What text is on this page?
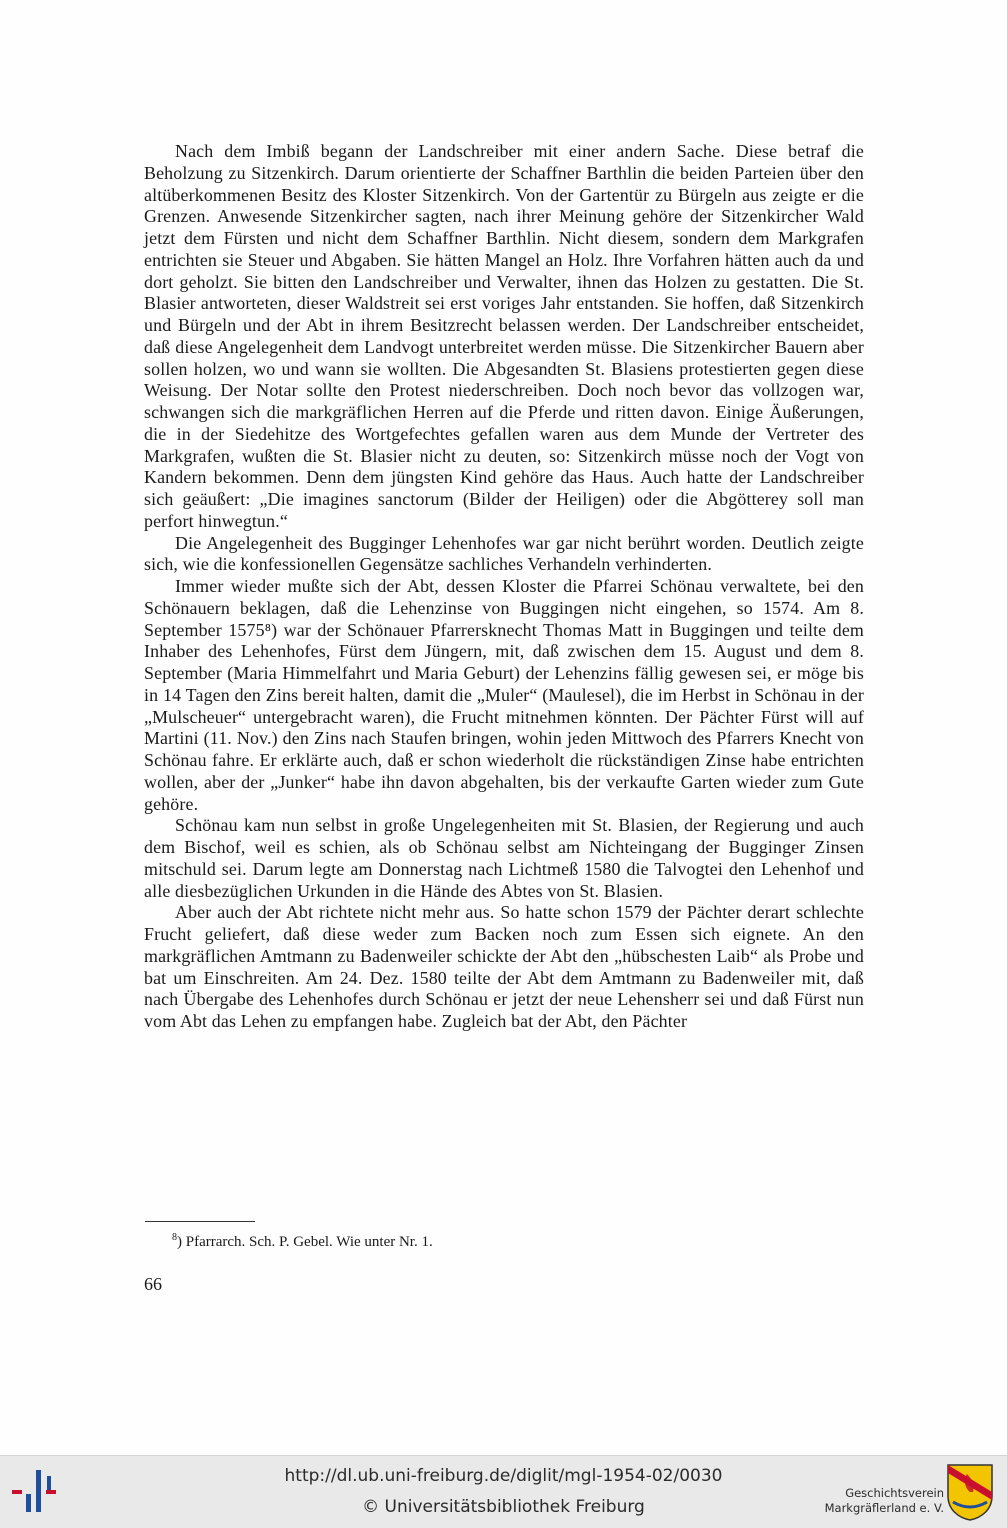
Nach dem Imbiß begann der Landschreiber mit einer andern Sache. Diese betraf die Beholzung zu Sitzenkirch. Darum orientierte der Schaffner Barthlin die beiden Parteien über den altüberkommenen Besitz des Kloster Sitzenkirch. Von der Gartentür zu Bürgeln aus zeigte er die Grenzen. Anwesende Sitzenkircher sagten, nach ihrer Meinung gehöre der Sitzenkircher Wald jetzt dem Fürsten und nicht dem Schaffner Barthlin. Nicht diesem, sondern dem Markgrafen entrichten sie Steuer und Abgaben. Sie hätten Mangel an Holz. Ihre Vorfahren hätten auch da und dort geholzt. Sie bitten den Landschreiber und Verwalter, ihnen das Holzen zu gestatten. Die St. Blasier antworteten, dieser Waldstreit sei erst voriges Jahr entstanden. Sie hoffen, daß Sitzenkirch und Bürgeln und der Abt in ihrem Besitzrecht belassen werden. Der Landschreiber entscheidet, daß diese Angelegenheit dem Landvogt unterbreitet werden müsse. Die Sitzenkircher Bauern aber sollen holzen, wo und wann sie wollten. Die Abgesandten St. Blasiens protestierten gegen diese Weisung. Der Notar sollte den Protest niederschreiben. Doch noch bevor das vollzogen war, schwangen sich die markgräflichen Herren auf die Pferde und ritten davon. Einige Äußerungen, die in der Siedehitze des Wortgefechtes gefallen waren aus dem Munde der Vertreter des Markgrafen, wußten die St. Blasier nicht zu deuten, so: Sitzenkirch müsse noch der Vogt von Kandern bekommen. Denn dem jüngsten Kind gehöre das Haus. Auch hatte der Landschreiber sich geäußert: „Die imagines sanctorum (Bilder der Heiligen) oder die Abgötterey soll man perfort hinwegtun.“

Die Angelegenheit des Bugginger Lehenhofes war gar nicht berührt worden. Deutlich zeigte sich, wie die konfessionellen Gegensätze sachliches Verhandeln verhinderten.

Immer wieder mußte sich der Abt, dessen Kloster die Pfarrei Schönau verwaltete, bei den Schönauern beklagen, daß die Lehenzinse von Buggingen nicht eingehen, so 1574. Am 8. September 1575⁸) war der Schönauer Pfarrersknecht Thomas Matt in Buggingen und teilte dem Inhaber des Lehenhofes, Fürst dem Jüngern, mit, daß zwischen dem 15. August und dem 8. September (Maria Himmelfahrt und Maria Geburt) der Lehenzins fällig gewesen sei, er möge bis in 14 Tagen den Zins bereit halten, damit die „Muler“ (Maulesel), die im Herbst in Schönau in der „Mulscheuer“ untergebracht waren), die Frucht mitnehmen könnten. Der Pächter Fürst will auf Martini (11. Nov.) den Zins nach Staufen bringen, wohin jeden Mittwoch des Pfarrers Knecht von Schönau fahre. Er erklärte auch, daß er schon wiederholt die rückständigen Zinse habe entrichten wollen, aber der „Junker“ habe ihn davon abgehalten, bis der verkaufte Garten wieder zum Gute gehöre.

Schönau kam nun selbst in große Ungelegenheiten mit St. Blasien, der Regierung und auch dem Bischof, weil es schien, als ob Schönau selbst am Nichteingang der Bugginger Zinsen mitschuld sei. Darum legte am Donnerstag nach Lichtmeß 1580 die Talvogtei den Lehenhof und alle diesbezüglichen Urkunden in die Hände des Abtes von St. Blasien.

Aber auch der Abt richtete nicht mehr aus. So hatte schon 1579 der Pächter derart schlechte Frucht geliefert, daß diese weder zum Backen noch zum Essen sich eignete. An den markgräflichen Amtmann zu Badenweiler schickte der Abt den „hübschesten Laib“ als Probe und bat um Einschreiten. Am 24. Dez. 1580 teilte der Abt dem Amtmann zu Badenweiler mit, daß nach Übergabe des Lehenhofes durch Schönau er jetzt der neue Lehensherr sei und daß Fürst nun vom Abt das Lehen zu empfangen habe. Zugleich bat der Abt, den Pächter

$^8$) Pfarrarch. Sch. P. Gebel. Wie unter Nr. 1.
66
http://dl.ub.uni-freiburg.de/diglit/mgl-1954-02/0030
© Universitätsbibliothek Freiburg
Geschichtsverein
Markgräflerland e. V.
